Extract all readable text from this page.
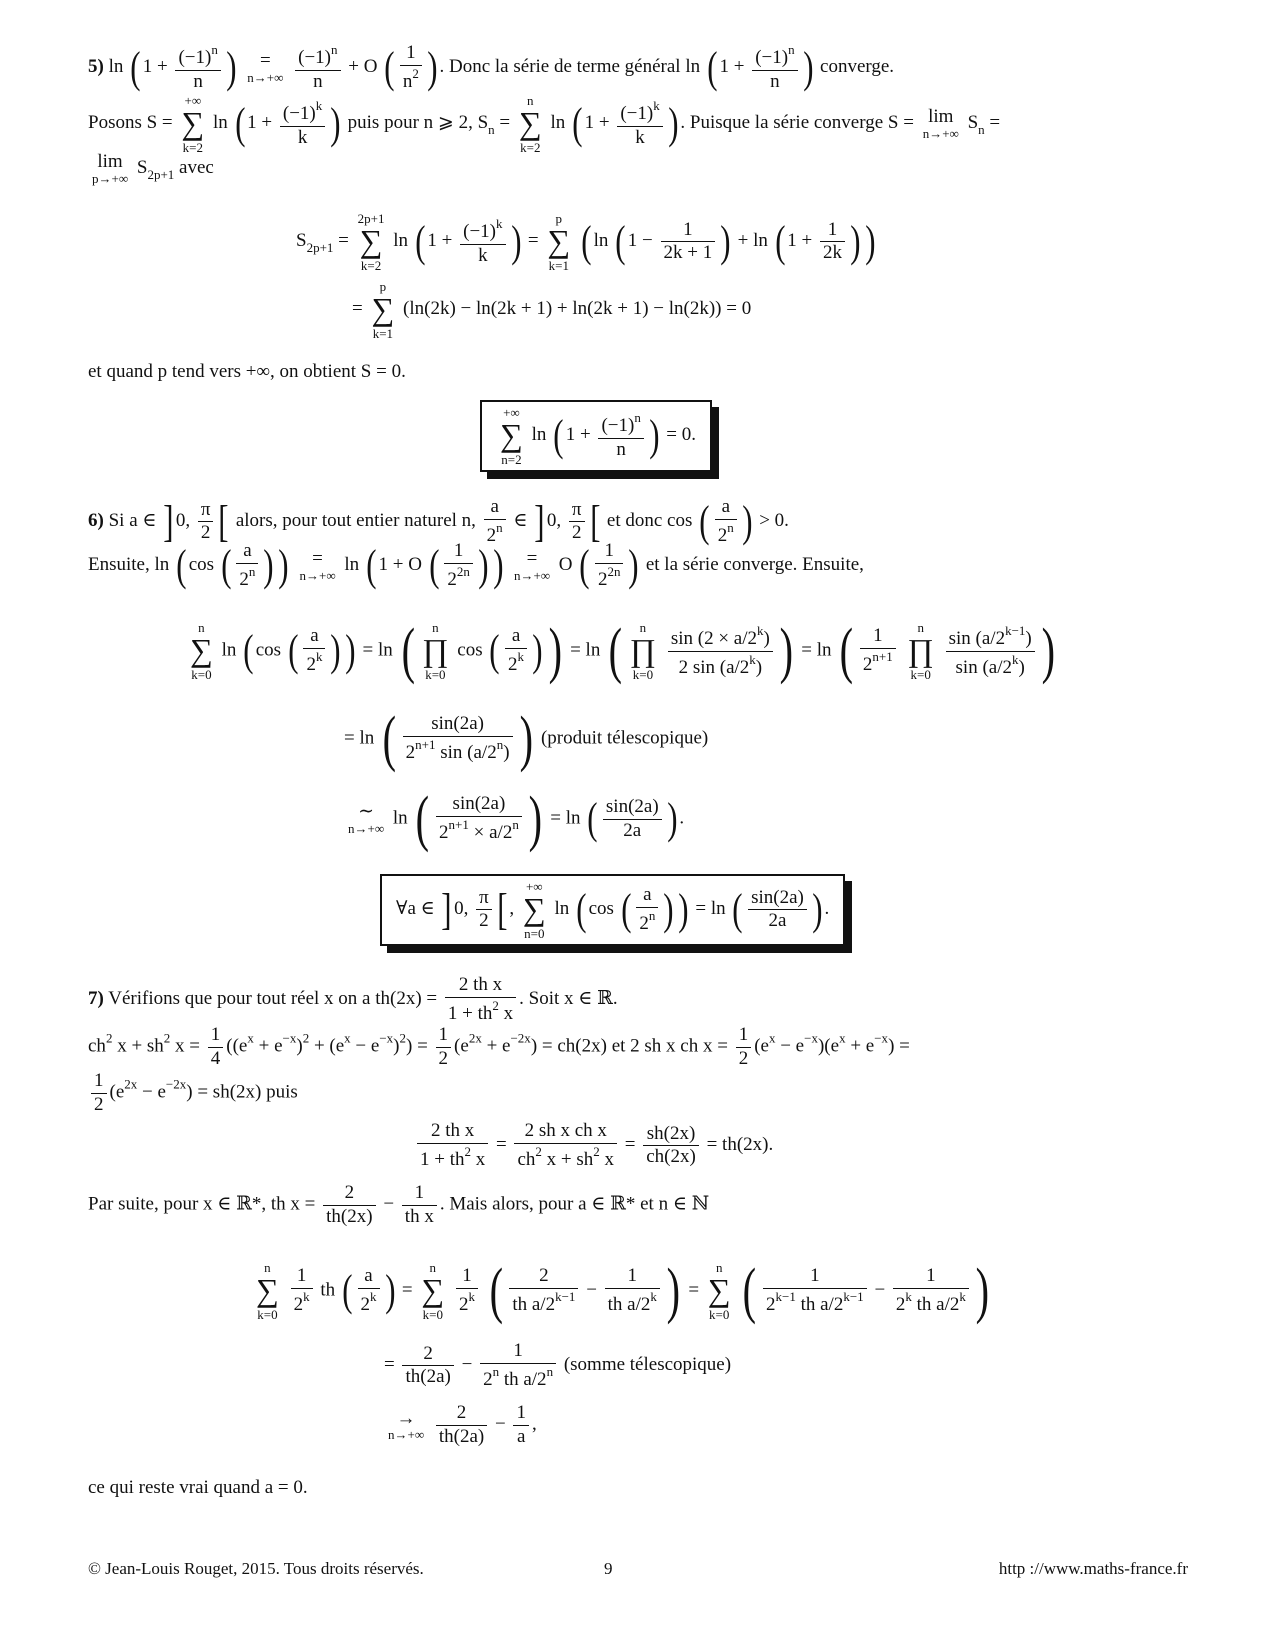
5) ln ( $1 + \frac{(-1)^n}{n}$ )	=
n→+∞
$\frac{(-1)^n}{n} + O$ ( $\frac{1}{n^2}$ ) . Donc la série de terme général ln ( $1 + \frac{(-1)^n}{n}$ ) converge.
Posons S =
+∞
∑
k=2
ln ( $1 + \frac{(-1)^k}{k}$ ) puis pour n ⩾ 2, $S_n$ =
n
∑
k=2
ln ( $1 + \frac{(-1)^k}{k}$ ) . Puisque la série converge S = lim
n→+∞
$S_n$ =
lim
p→+∞
$S_{2p+1}$ avec
$S_{2p+1}$ =
2p+1
∑
k=2
ln ( $1 + \frac{(-1)^k}{k}$ ) =
p
∑
k=1 ( ln ( $1 - \frac{1}{2k + 1}$ ) + ln ( $1 + \frac{1}{2k}$ ))
=
p
∑
k=1
(ln(2k) − ln(2k + 1) + ln(2k + 1) − ln(2k)) = 0
et quand p tend vers +∞, on obtient S = 0.
+∞
∑
n=2
ln ( $1 + \frac{(-1)^n}{n}$ ) = 0.
6) Si a ∈ ] 0, $\frac{\pi}{2}$ [ alors, pour tout entier naturel n, $\frac{a}{2^n}$ ∈ ] 0, $\frac{\pi}{2}$ [ et donc cos ( $\frac{a}{2^n}$ ) > 0.
Ensuite, ln ( cos ( $\frac{a}{2^n}$ ))	=
n→+∞
ln ( 1 + O ( $\frac{1}{2^{2n}}$ ))	=
n→+∞
O ( $\frac{1}{2^{2n}}$ ) et la série converge. Ensuite,
n
∑
k=0
ln ( cos ( $\frac{a}{2^k}$ )) = ln (	n
∏
k=0
cos ( $\frac{a}{2^k}$ )) = ln (	n
∏
k=0
$\frac{\sin (2 \times a/2^k)}{2 \sin (a/2^k)}$ ) = ln ( $\frac{1}{2^{n+1}}$
	n
∏
k=0
$\frac{\sin (a/2^{k-1})}{\sin (a/2^k)}$ )
= ln ( $\frac{\sin(2a)}{2^{n+1} \sin (a/2^n)}$ ) (produit télescopique)
∼
n→+∞
ln ( $\frac{\sin(2a)}{2^{n+1} \times a/2^n}$ ) = ln ( $\frac{\sin(2a)}{2a}$ ) .
∀a ∈ ] 0, $\frac{\pi}{2}$ [ ,
+∞
∑
n=0
ln ( cos ( $\frac{a}{2^n}$ )) = ln ( $\frac{\sin(2a)}{2a}$ ) .
7) Vérifions que pour tout réel x on a $th(2x) = \frac{\text{2 th x}}{1 + th^2 x}$ . Soit x ∈ ℝ.
$ch^2$ $x + sh^2$ $x = \frac{1}{4} ((e^x + e^{-x})^2 + (e^x - e^{-x})^2) = \frac{1}{2} (e^{2x} + e^{-2x}) = ch(2x)$ et 2 sh x ch $x = \frac{1}{2} (e^x - e^{-x})(e^x + e^{-x})$ =
$\frac{1}{2} (e^{2x} - e^{-2x}) = sh(2x)$ puis
$\frac{\text{2 th x}}{1 + th^2 x} = \frac{\text{2 sh x ch x}}{ch^2 x + sh^2 x} = \frac{sh(2x)}{ch(2x)} = th(2x)$.
Par suite, pour x ∈ ℝ*, th $x = \frac{2}{th(2x)} - \frac{1}{\text{th x}}$ . Mais alors, pour a ∈ ℝ* et n ∈ ℕ
n
∑
k=0
$\frac{1}{2^k}$ th ( $\frac{a}{2^k}$ ) =
n
∑
k=0
$\frac{1}{2^k}$ ( $\frac{2}{th a/2^{k-1}} - \frac{1}{th a/2^k}$ ) =
n
∑
k=0 ( $\frac{1}{2^{k-1} th a/2^{k-1}} - \frac{1}{2^k th a/2^k}$ )
= $\frac{2}{th(2a)} - \frac{1}{2^n th a/2^n}$ (somme télescopique)
→
n→+∞
$\frac{2}{th(2a)} - \frac{1}{a}$ ,
ce qui reste vrai quand a = 0.
© Jean-Louis Rouget, 2015. Tous droits réservés.	9	http ://www.maths-france.fr
